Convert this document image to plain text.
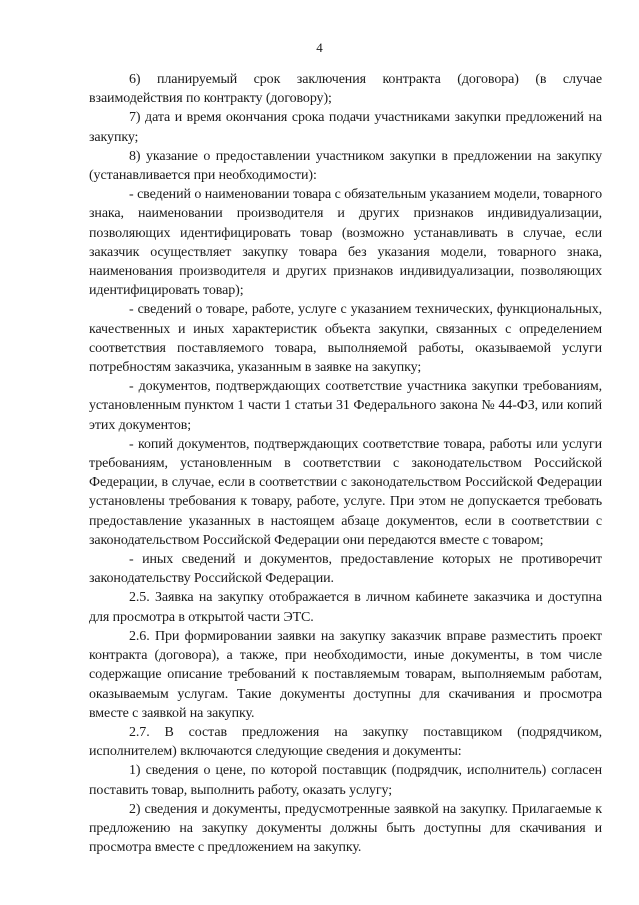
4

6) планируемый срок заключения контракта (договора) (в случае взаимодействия по контракту (договору);

7) дата и время окончания срока подачи участниками закупки предложений на закупку;

8) указание о предоставлении участником закупки в предложении на закупку (устанавливается при необходимости):

- сведений о наименовании товара с обязательным указанием модели, товарного знака, наименовании производителя и других признаков индивидуализации, позволяющих идентифицировать товар (возможно устанавливать в случае, если заказчик осуществляет закупку товара без указания модели, товарного знака, наименования производителя и других признаков индивидуализации, позволяющих идентифицировать товар);

- сведений о товаре, работе, услуге с указанием технических, функциональных, качественных и иных характеристик объекта закупки, связанных с определением соответствия поставляемого товара, выполняемой работы, оказываемой услуги потребностям заказчика, указанным в заявке на закупку;

- документов, подтверждающих соответствие участника закупки требованиям, установленным пунктом 1 части 1 статьи 31 Федерального закона № 44-ФЗ, или копий этих документов;

- копий документов, подтверждающих соответствие товара, работы или услуги требованиям, установленным в соответствии с законодательством Российской Федерации, в случае, если в соответствии с законодательством Российской Федерации установлены требования к товару, работе, услуге. При этом не допускается требовать предоставление указанных в настоящем абзаце документов, если в соответствии с законодательством Российской Федерации они передаются вместе с товаром;

- иных сведений и документов, предоставление которых не противоречит законодательству Российской Федерации.

2.5. Заявка на закупку отображается в личном кабинете заказчика и доступна для просмотра в открытой части ЭТС.

2.6. При формировании заявки на закупку заказчик вправе разместить проект контракта (договора), а также, при необходимости, иные документы, в том числе содержащие описание требований к поставляемым товарам, выполняемым работам, оказываемым услугам. Такие документы доступны для скачивания и просмотра вместе с заявкой на закупку.

2.7. В состав предложения на закупку поставщиком (подрядчиком, исполнителем) включаются следующие сведения и документы:

1) сведения о цене, по которой поставщик (подрядчик, исполнитель) согласен поставить товар, выполнить работу, оказать услугу;

2) сведения и документы, предусмотренные заявкой на закупку. Прилагаемые к предложению на закупку документы должны быть доступны для скачивания и просмотра вместе с предложением на закупку.
